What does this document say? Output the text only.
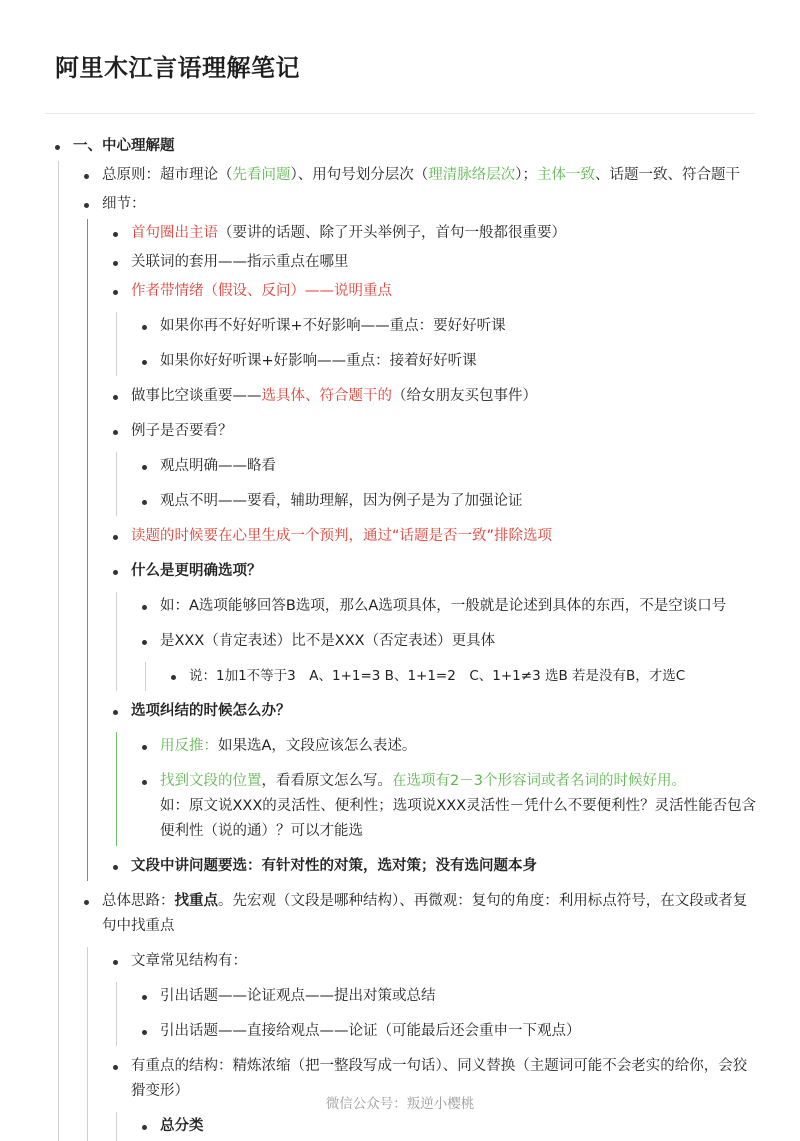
阿里木江言语理解笔记
一、中心理解题
总原则：超市理论（先看问题）、用句号划分层次（理清脉络层次）；主体一致、话题一致、符合题干
细节：
首句圈出主语（要讲的话题、除了开头举例子，首句一般都很重要）
关联词的套用——指示重点在哪里
作者带情绪（假设、反问）——说明重点
如果你再不好好听课+不好影响——重点：要好好听课
如果你好好听课+好影响——重点：接着好好听课
做事比空谈重要——选具体、符合题干的（给女朋友买包事件）
例子是否要看？
观点明确——略看
观点不明——要看，辅助理解，因为例子是为了加强论证
读题的时候要在心里生成一个预判，通过“话题是否一致”排除选项
什么是更明确选项？
如：A选项能够回答B选项，那么A选项具体，一般就是论述到具体的东西，不是空谈口号
是XXX（肯定表述）比不是XXX（否定表述）更具体
说：1加1不等于3　A、1+1=3 B、1+1=2　C、1+1≠3 选B 若是没有B，才选C
选项纠结的时候怎么办？
用反推：如果选A，文段应该怎么表述。
找到文段的位置，看看原文怎么写。在选项有2－3个形容词或者名词的时候好用。
如：原文说XXX的灵活性、便利性；选项说XXX灵活性－凭什么不要便利性？灵活性能否包含便利性（说的通）？可以才能选
文段中讲问题要选：有针对性的对策，选对策；没有选问题本身
总体思路：找重点。先宏观（文段是哪种结构）、再微观：复句的角度：利用标点符号，在文段或者复句中找重点
文章常见结构有：
引出话题——论证观点——提出对策或总结
引出话题——直接给观点——论证（可能最后还会重申一下观点）
有重点的结构：精炼浓缩（把一整段写成一句话）、同义替换（主题词可能不会老实的给你，会狡猾变形）
总分类
微信公众号：叛逆小樱桃
